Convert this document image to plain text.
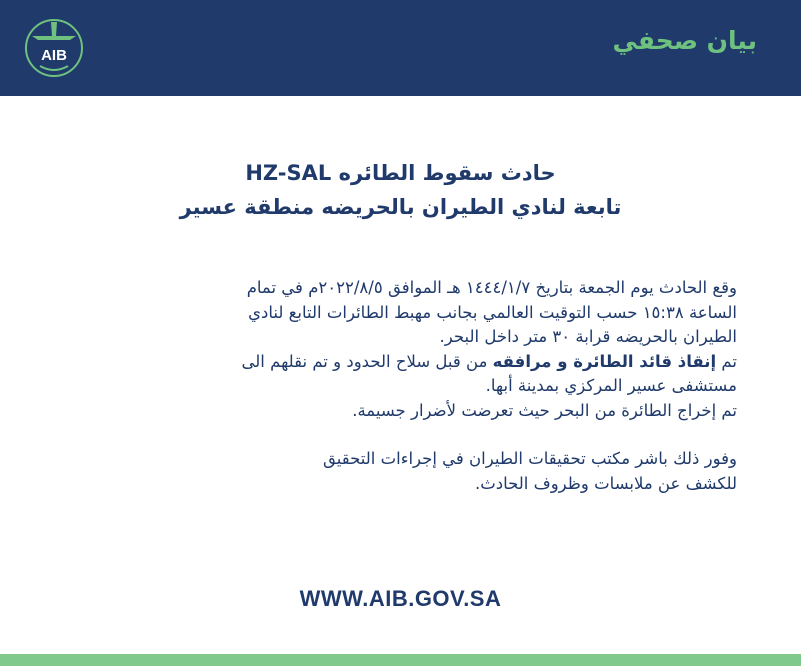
AIB
بيان صحفي
حادث سقوط الطائره HZ-SAL
تابعة لنادي الطيران بالحريضه منطقة عسير

وقع الحادث يوم الجمعة بتاريخ ١٤٤٤/١/٧ هـ الموافق ٢٠٢٢/٨/٥م في تمام

الساعة ١٥:٣٨ حسب التوقيت العالمي بجانب مهبط الطائرات التابع لنادي

الطيران بالحريضه قرابة ٣٠ متر داخل البحر.

تم إنقاذ قائد الطائرة و مرافقه من قبل سلاح الحدود و تم نقلهم الى

مستشفى عسير المركزي بمدينة أبها.

تم إخراج الطائرة من البحر حيث تعرضت لأضرار جسيمة.

وفور ذلك باشر مكتب تحقيقات الطيران في إجراءات التحقيق

للكشف عن ملابسات وظروف الحادث.

WWW.AIB.GOV.SA
